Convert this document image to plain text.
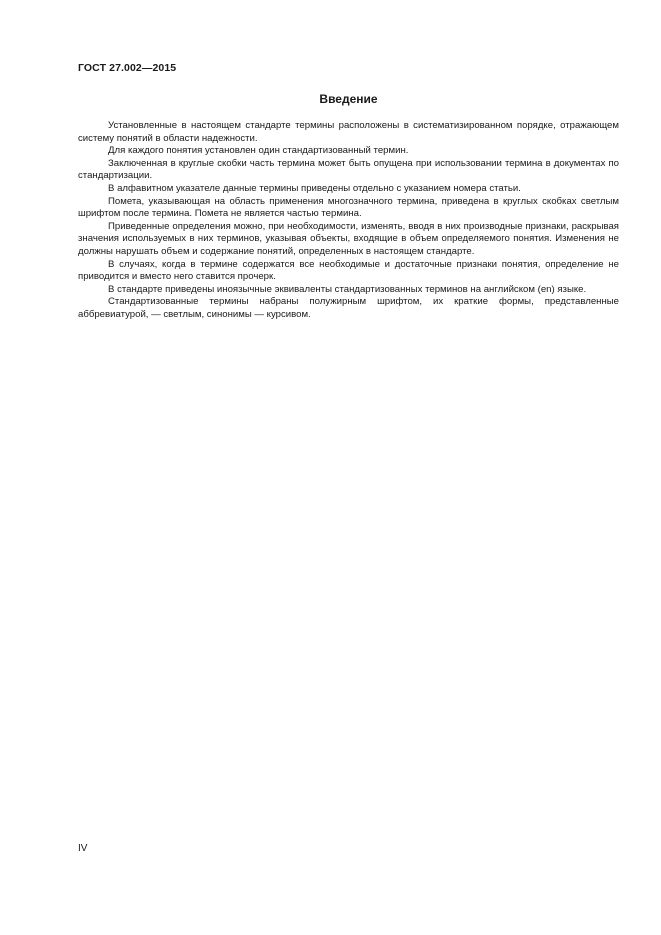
ГОСТ 27.002—2015
Введение

Установленные в настоящем стандарте термины расположены в систематизированном порядке, отражающем систему понятий в области надежности.

Для каждого понятия установлен один стандартизованный термин.

Заключенная в круглые скобки часть термина может быть опущена при использовании термина в документах по стандартизации.

В алфавитном указателе данные термины приведены отдельно с указанием номера статьи.

Помета, указывающая на область применения многозначного термина, приведена в круглых скобках светлым шрифтом после термина. Помета не является частью термина.

Приведенные определения можно, при необходимости, изменять, вводя в них производные признаки, раскрывая значения используемых в них терминов, указывая объекты, входящие в объем определяемого понятия. Изменения не должны нарушать объем и содержание понятий, определенных в настоящем стандарте.

В случаях, когда в термине содержатся все необходимые и достаточные признаки понятия, определение не приводится и вместо него ставится прочерк.

В стандарте приведены иноязычные эквиваленты стандартизованных терминов на английском (en) языке.

Стандартизованные термины набраны полужирным шрифтом, их краткие формы, представленные аббревиатурой, — светлым, синонимы — курсивом.

IV
